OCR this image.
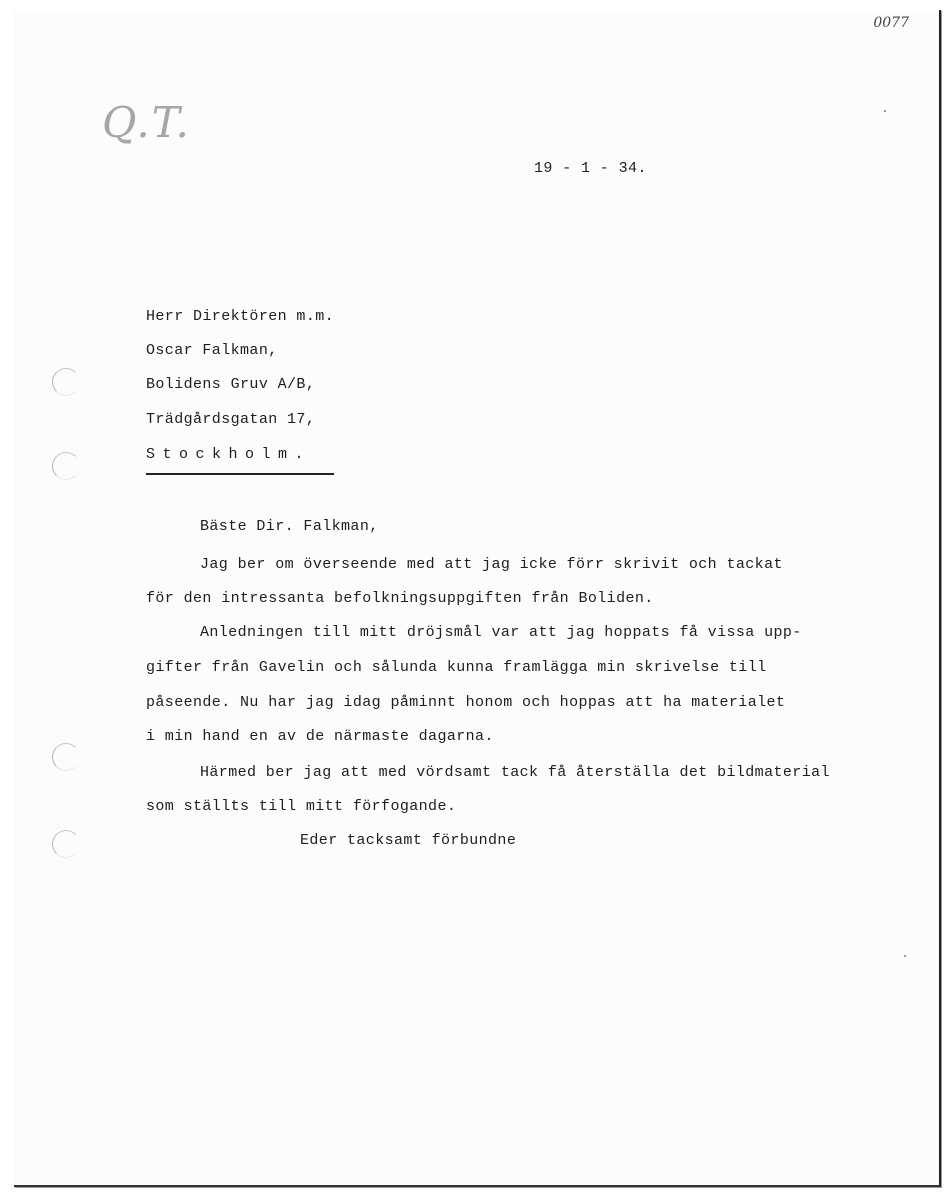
0077
Q.T.
19 - 1 - 34.
Herr Direktören m.m.
Oscar Falkman,
Bolidens Gruv A/B,
Trädgårdsgatan 17,
Stockholm.
Bäste Dir. Falkman,
Jag ber om överseende med att jag icke förr skrivit och tackat
för den intressanta befolkningsuppgiften från Boliden.
Anledningen till mitt dröjsmål var att jag hoppats få vissa upp-
gifter från Gavelin och sålunda kunna framlägga min skrivelse till
påseende. Nu har jag idag påminnt honom och hoppas att ha materialet
i min hand en av de närmaste dagarna.
Härmed ber jag att med vördsamt tack få återställa det bildmaterial
som ställts till mitt förfogande.
Eder tacksamt förbundne
